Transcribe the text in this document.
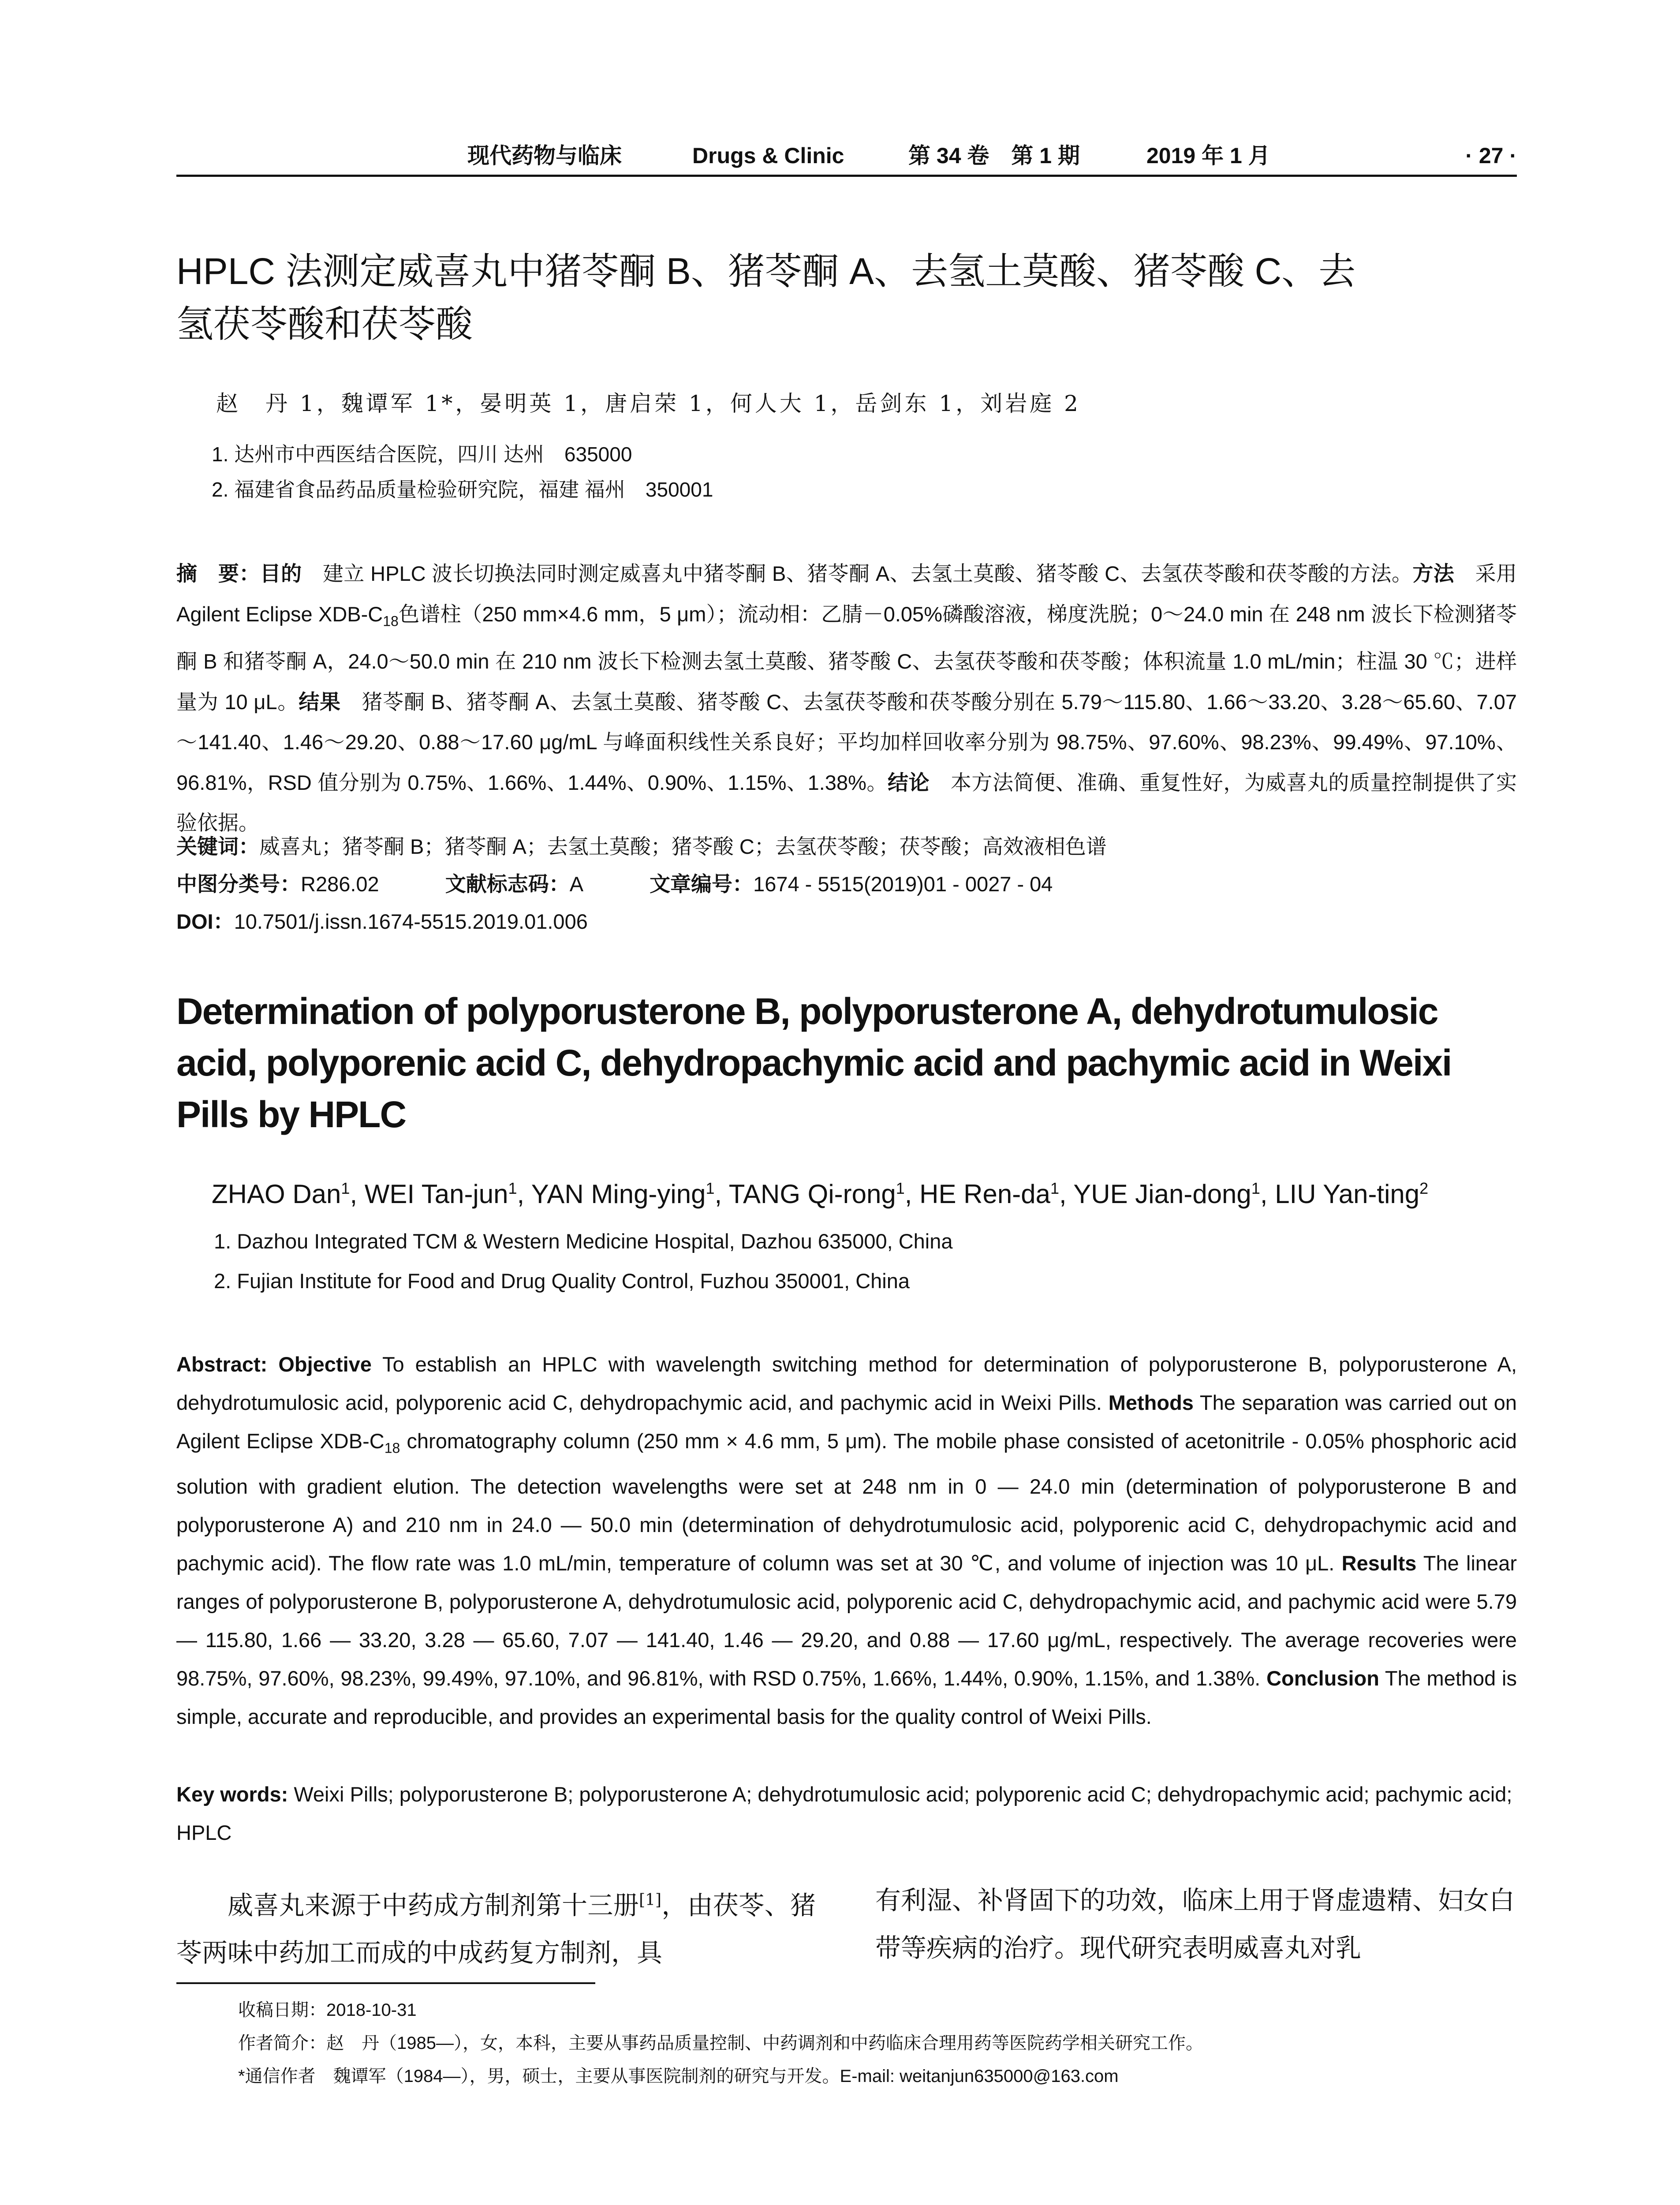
现代药物与临床	Drugs & Clinic	第 34 卷　第 1 期	2019 年 1 月	· 27 ·
HPLC 法测定威喜丸中猪苓酮 B、猪苓酮 A、去氢土莫酸、猪苓酸 C、去
氢茯苓酸和茯苓酸
赵　丹 1，魏谭军 1*，晏明英 1，唐启荣 1，何人大 1，岳剑东 1，刘岩庭 2
1. 达州市中西医结合医院，四川 达州　635000
2. 福建省食品药品质量检验研究院，福建 福州　350001

摘　要：目的　建立 HPLC 波长切换法同时测定威喜丸中猪苓酮 B、猪苓酮 A、去氢土莫酸、猪苓酸 C、去氢茯苓酸和茯苓酸的方法。方法　采用 Agilent Eclipse XDB-$C_{18}$色谱柱（250 mm×4.6 mm，5 μm）；流动相：乙腈－0.05%磷酸溶液，梯度洗脱；0～24.0 min 在 248 nm 波长下检测猪苓酮 B 和猪苓酮 A，24.0～50.0 min 在 210 nm 波长下检测去氢土莫酸、猪苓酸 C、去氢茯苓酸和茯苓酸；体积流量 1.0 mL/min；柱温 30 ℃；进样量为 10 μL。结果　猪苓酮 B、猪苓酮 A、去氢土莫酸、猪苓酸 C、去氢茯苓酸和茯苓酸分别在 5.79～115.80、1.66～33.20、3.28～65.60、7.07～141.40、1.46～29.20、0.88～17.60 μg/mL 与峰面积线性关系良好；平均加样回收率分别为 98.75%、97.60%、98.23%、99.49%、97.10%、96.81%，RSD 值分别为 0.75%、1.66%、1.44%、0.90%、1.15%、1.38%。结论　本方法简便、准确、重复性好，为威喜丸的质量控制提供了实验依据。

关键词：威喜丸；猪苓酮 B；猪苓酮 A；去氢土莫酸；猪苓酸 C；去氢茯苓酸；茯苓酸；高效液相色谱
中图分类号：R286.02	文献标志码：A	文章编号：1674 - 5515(2019)01 - 0027 - 04
DOI：10.7501/j.issn.1674-5515.2019.01.006
Determination of polyporusterone B, polyporusterone A, dehydrotumulosic acid, polyporenic acid C, dehydropachymic acid and pachymic acid in Weixi Pills by HPLC
ZHAO Dan$^1$, WEI Tan-jun$^1$, YAN Ming-ying$^1$, TANG Qi-rong$^1$, HE Ren-$da^1$, YUE Jian-dong$^1$, LIU Yan-ting$^2$
1. Dazhou Integrated TCM & Western Medicine Hospital, Dazhou 635000, China
2. Fujian Institute for Food and Drug Quality Control, Fuzhou 350001, China

Abstract: Objective To establish an HPLC with wavelength switching method for determination of polyporusterone B, polyporusterone A, dehydrotumulosic acid, polyporenic acid C, dehydropachymic acid, and pachymic acid in Weixi Pills. Methods The separation was carried out on Agilent Eclipse XDB-$C_{18}$ chromatography column (250 mm × 4.6 mm, 5 μm). The mobile phase consisted of acetonitrile - 0.05% phosphoric acid solution with gradient elution. The detection wavelengths were set at 248 nm in 0 — 24.0 min (determination of polyporusterone B and polyporusterone A) and 210 nm in 24.0 — 50.0 min (determination of dehydrotumulosic acid, polyporenic acid C, dehydropachymic acid and pachymic acid). The flow rate was 1.0 mL/min, temperature of column was set at 30 ℃, and volume of injection was 10 μL. Results The linear ranges of polyporusterone B, polyporusterone A, dehydrotumulosic acid, polyporenic acid C, dehydropachymic acid, and pachymic acid were 5.79 — 115.80, 1.66 — 33.20, 3.28 — 65.60, 7.07 — 141.40, 1.46 — 29.20, and 0.88 — 17.60 μg/mL, respectively. The average recoveries were 98.75%, 97.60%, 98.23%, 99.49%, 97.10%, and 96.81%, with RSD 0.75%, 1.66%, 1.44%, 0.90%, 1.15%, and 1.38%. Conclusion The method is simple, accurate and reproducible, and provides an experimental basis for the quality control of Weixi Pills.

Key words: Weixi Pills; polyporusterone B; polyporusterone A; dehydrotumulosic acid; polyporenic acid C; dehydropachymic acid; pachymic acid; HPLC

威喜丸来源于中药成方制剂第十三册[1]，由茯苓、猪苓两味中药加工而成的中成药复方制剂，具

有利湿、补肾固下的功效，临床上用于肾虚遗精、妇女白带等疾病的治疗。现代研究表明威喜丸对乳

收稿日期：2018-10-31
作者简介：赵　丹（1985—），女，本科，主要从事药品质量控制、中药调剂和中药临床合理用药等医院药学相关研究工作。
*通信作者　魏谭军（1984—），男，硕士，主要从事医院制剂的研究与开发。E-mail: weitanjun635000@163.com
